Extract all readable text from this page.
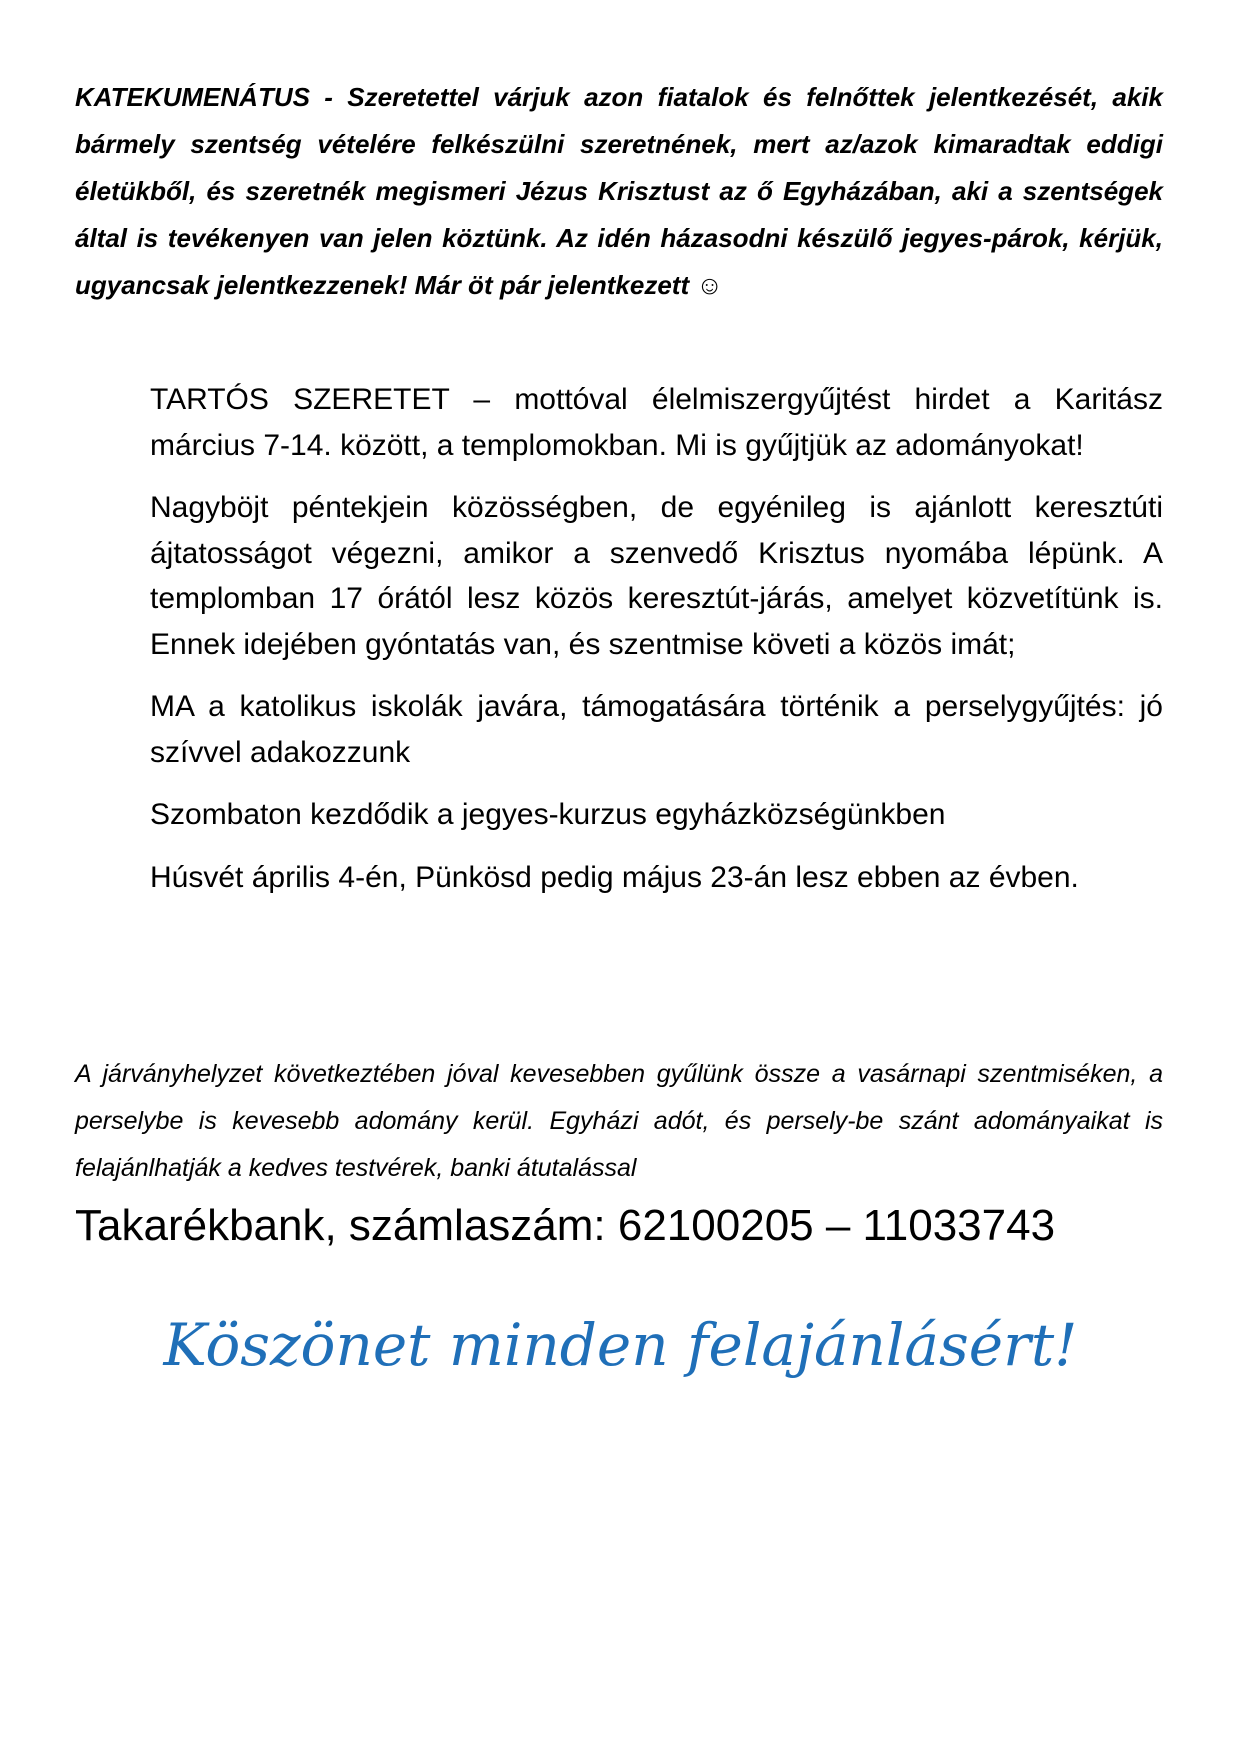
KATEKUMENÁTUS - Szeretettel várjuk azon fiatalok és felnőttek jelentkezését, akik bármely szentség vételére felkészülni szeretnének, mert az/azok kimaradtak eddigi életükből, és szeretnék megismeri Jézus Krisztust az ő Egyházában, aki a szentségek által is tevékenyen van jelen köztünk. Az idén házasodni készülő jegyes-párok, kérjük, ugyancsak jelentkezzenek! Már öt pár jelentkezett ☺

TARTÓS SZERETET – mottóval élelmiszergyűjtést hirdet a Karitász március 7-14. között, a templomokban. Mi is gyűjtjük az adományokat!

Nagyböjt péntekjein közösségben, de egyénileg is ajánlott keresztúti ájtatosságot végezni, amikor a szenvedő Krisztus nyomába lépünk. A templomban 17 órától lesz közös keresztút-járás, amelyet közvetítünk is. Ennek idejében gyóntatás van, és szentmise követi a közös imát;

MA a katolikus iskolák javára, támogatására történik a perselygyűjtés: jó szívvel adakozzunk

Szombaton kezdődik a jegyes-kurzus egyházközségünkben

Húsvét április 4-én, Pünkösd pedig május 23-án lesz ebben az évben.

A járványhelyzet következtében jóval kevesebben gyűlünk össze a vasárnapi szentmiséken, a perselybe is kevesebb adomány kerül. Egyházi adót, és persely-be szánt adományaikat is felajánlhatják a kedves testvérek, banki átutalással

Takarékbank, számlaszám: 62100205 – 11033743

Köszönet minden felajánlásért!
